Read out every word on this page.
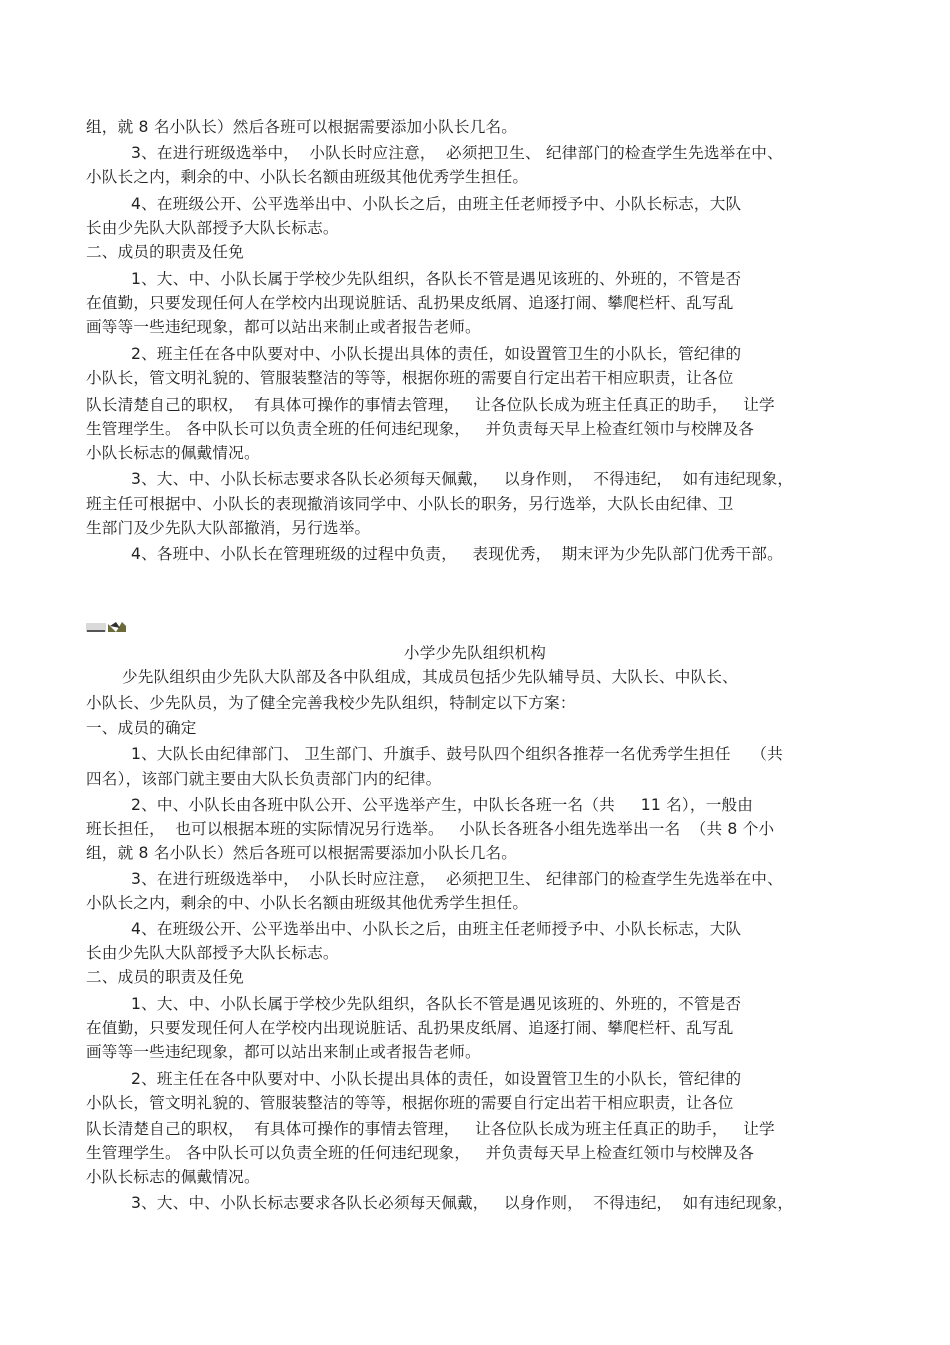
组，就 8 名小队长）然后各班可以根据需要添加小队长几名。
3、在进行班级选举中，  小队长时应注意，  必须把卫生、 纪律部门的检查学生先选举在中、
小队长之内，剩余的中、小队长名额由班级其他优秀学生担任。
4、在班级公开、公平选举出中、小队长之后，由班主任老师授予中、小队长标志，大队
长由少先队大队部授予大队长标志。
二、成员的职责及任免
1、大、中、小队长属于学校少先队组织，各队长不管是遇见该班的、外班的，不管是否
在值勤，只要发现任何人在学校内出现说脏话、乱扔果皮纸屑、追逐打闹、攀爬栏杆、乱写乱
画等等一些违纪现象，都可以站出来制止或者报告老师。
2、班主任在各中队要对中、小队长提出具体的责任，如设置管卫生的小队长，管纪律的
小队长，管文明礼貌的、管服装整洁的等等，根据你班的需要自行定出若干相应职责，让各位
队长清楚自己的职权，  有具体可操作的事情去管理，   让各位队长成为班主任真正的助手，   让学
生管理学生。 各中队长可以负责全班的任何违纪现象，   并负责每天早上检查红领巾与校牌及各
小队长标志的佩戴情况。
3、大、中、小队长标志要求各队长必须每天佩戴，   以身作则，  不得违纪，  如有违纪现象，
班主任可根据中、小队长的表现撤消该同学中、小队长的职务，另行选举，大队长由纪律、卫
生部门及少先队大队部撤消，另行选举。
4、各班中、小队长在管理班级的过程中负责，   表现优秀，  期末评为少先队部门优秀干部。
小学少先队组织机构
少先队组织由少先队大队部及各中队组成，其成员包括少先队辅导员、大队长、中队长、
小队长、少先队员，为了健全完善我校少先队组织，特制定以下方案：
一、成员的确定
1、大队长由纪律部门、 卫生部门、升旗手、鼓号队四个组织各推荐一名优秀学生担任    （共
四名），该部门就主要由大队长负责部门内的纪律。
2、中、小队长由各班中队公开、公平选举产生，中队长各班一名（共     11 名），一般由
班长担任，  也可以根据本班的实际情况另行选举。   小队长各班各小组先选举出一名  （共 8 个小
组，就 8 名小队长）然后各班可以根据需要添加小队长几名。
3、在进行班级选举中，  小队长时应注意，  必须把卫生、 纪律部门的检查学生先选举在中、
小队长之内，剩余的中、小队长名额由班级其他优秀学生担任。
4、在班级公开、公平选举出中、小队长之后，由班主任老师授予中、小队长标志，大队
长由少先队大队部授予大队长标志。
二、成员的职责及任免
1、大、中、小队长属于学校少先队组织，各队长不管是遇见该班的、外班的，不管是否
在值勤，只要发现任何人在学校内出现说脏话、乱扔果皮纸屑、追逐打闹、攀爬栏杆、乱写乱
画等等一些违纪现象，都可以站出来制止或者报告老师。
2、班主任在各中队要对中、小队长提出具体的责任，如设置管卫生的小队长，管纪律的
小队长，管文明礼貌的、管服装整洁的等等，根据你班的需要自行定出若干相应职责，让各位
队长清楚自己的职权，  有具体可操作的事情去管理，   让各位队长成为班主任真正的助手，   让学
生管理学生。 各中队长可以负责全班的任何违纪现象，   并负责每天早上检查红领巾与校牌及各
小队长标志的佩戴情况。
3、大、中、小队长标志要求各队长必须每天佩戴，   以身作则，  不得违纪，  如有违纪现象，
